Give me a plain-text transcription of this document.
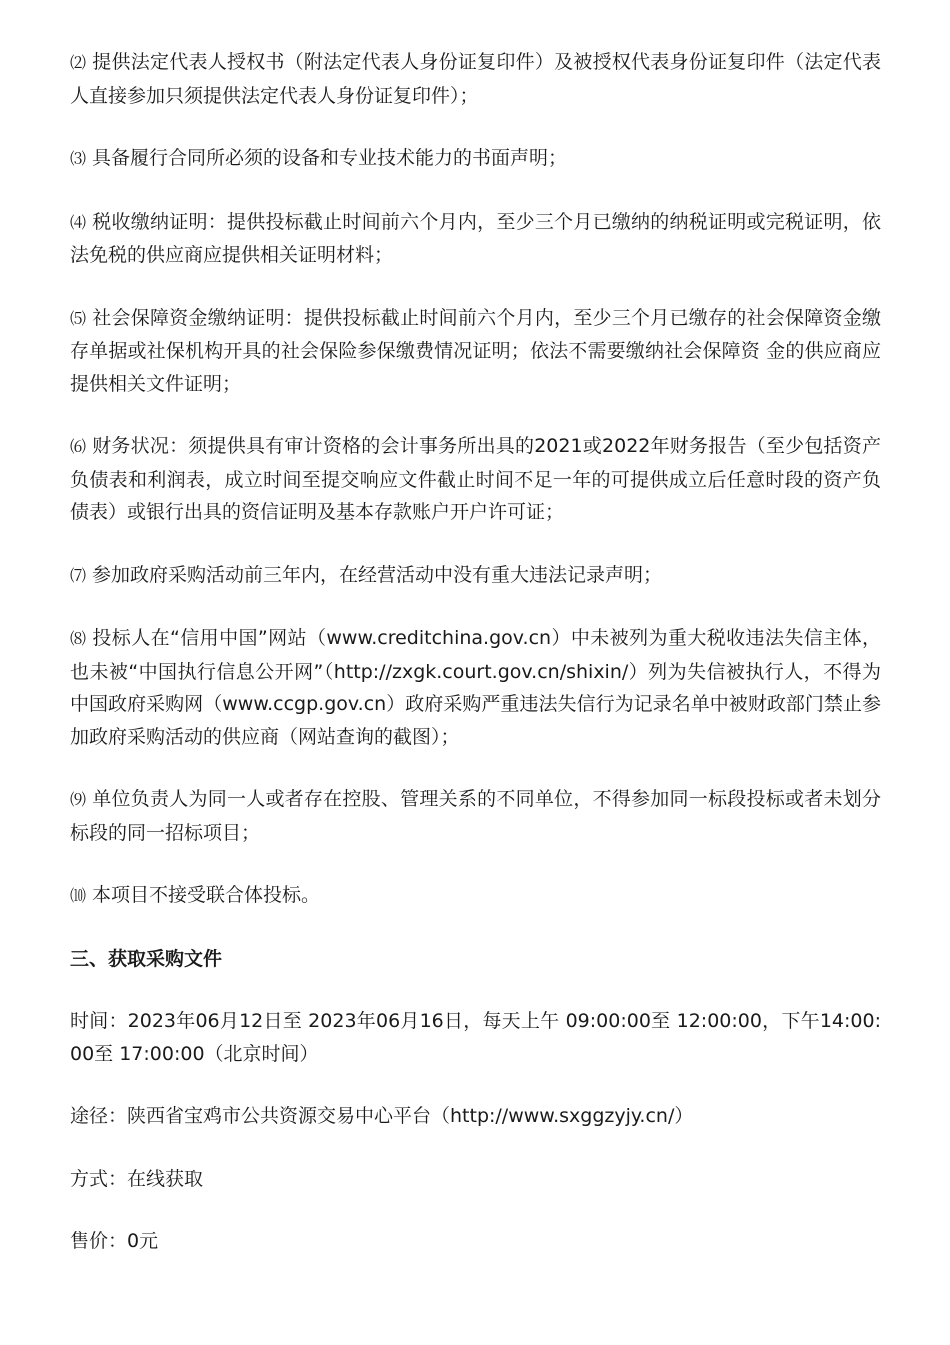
⑵ 提供法定代表人授权书（附法定代表人身份证复印件）及被授权代表身份证复印件（法定代表人直接参加只须提供法定代表人身份证复印件）；

⑶ 具备履行合同所必须的设备和专业技术能力的书面声明；

⑷ 税收缴纳证明：提供投标截止时间前六个月内，至少三个月已缴纳的纳税证明或完税证明，依法免税的供应商应提供相关证明材料；

⑸ 社会保障资金缴纳证明：提供投标截止时间前六个月内，至少三个月已缴存的社会保障资金缴存单据或社保机构开具的社会保险参保缴费情况证明；依法不需要缴纳社会保障资 金的供应商应提供相关文件证明；

⑹ 财务状况：须提供具有审计资格的会计事务所出具的2021或2022年财务报告（至少包括资产负债表和利润表，成立时间至提交响应文件截止时间不足一年的可提供成立后任意时段的资产负债表）或银行出具的资信证明及基本存款账户开户许可证；

⑺ 参加政府采购活动前三年内，在经营活动中没有重大违法记录声明；

⑻ 投标人在“信用中国”网站（www.creditchina.gov.cn）中未被列为重大税收违法失信主体，也未被“中国执行信息公开网”（http://zxgk.court.gov.cn/shixin/）列为失信被执行人，不得为中国政府采购网（www.ccgp.gov.cn）政府采购严重违法失信行为记录名单中被财政部门禁止参加政府采购活动的供应商（网站查询的截图）；

⑼ 单位负责人为同一人或者存在控股、管理关系的不同单位，不得参加同一标段投标或者未划分标段的同一招标项目；

⑽ 本项目不接受联合体投标。

三、获取采购文件

时间：2023年06月12日至 2023年06月16日，每天上午 09:00:00至 12:00:00，下午14:00:00至 17:00:00（北京时间）

途径：陕西省宝鸡市公共资源交易中心平台（http://www.sxggzyjy.cn/）

方式：在线获取

售价：0元
